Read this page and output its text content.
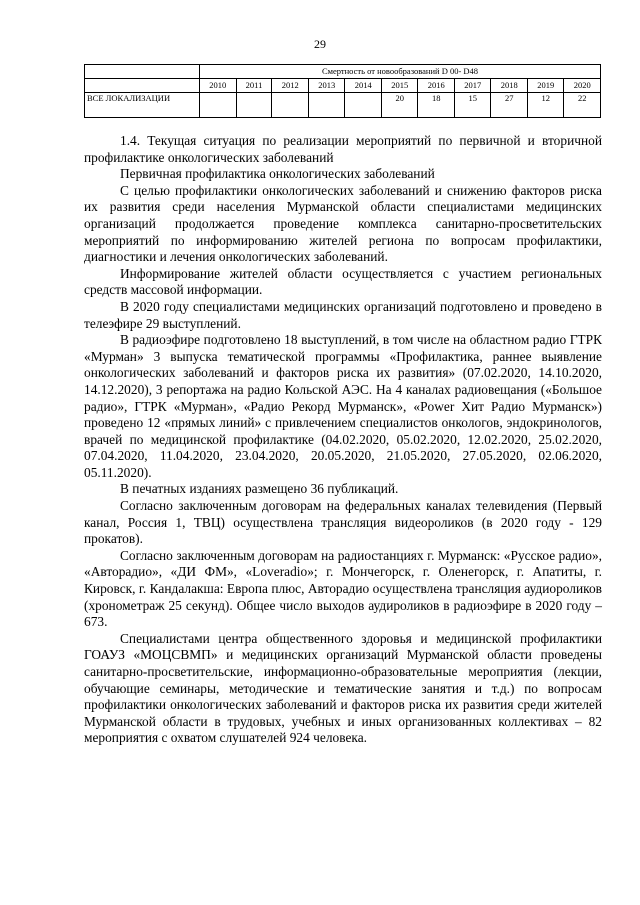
29
	Смертность от новообразований D 00- D48										
	2010	2011	2012	2013	2014	2015	2016	2017	2018	2019	2020
ВСЕ ЛОКАЛИЗАЦИИ						20	18	15	27	12	22

1.4. Текущая ситуация по реализации мероприятий по первичной и вторичной профилактике онкологических заболеваний

Первичная профилактика онкологических заболеваний

С целью профилактики онкологических заболеваний и снижению факторов риска их развития среди населения Мурманской области специалистами медицинских организаций продолжается проведение комплекса санитарно-просветительских мероприятий по информированию жителей региона по вопросам профилактики, диагностики и лечения онкологических заболеваний.

Информирование жителей области осуществляется с участием региональных средств массовой информации.

В 2020 году специалистами медицинских организаций подготовлено и проведено в телеэфире 29 выступлений.

В радиоэфире подготовлено 18 выступлений, в том числе на областном радио ГТРК «Мурман» 3 выпуска тематической программы «Профилактика, раннее выявление онкологических заболеваний и факторов риска их развития» (07.02.2020, 14.10.2020, 14.12.2020), 3 репортажа на радио Кольской АЭС. На 4 каналах радиовещания («Большое радио», ГТРК «Мурман», «Радио Рекорд Мурманск», «Power Хит Радио Мурманск») проведено 12 «прямых линий» с привлечением специалистов онкологов, эндокринологов, врачей по медицинской профилактике (04.02.2020, 05.02.2020, 12.02.2020, 25.02.2020, 07.04.2020, 11.04.2020, 23.04.2020, 20.05.2020, 21.05.2020, 27.05.2020, 02.06.2020, 05.11.2020).

В печатных изданиях размещено 36 публикаций.

Согласно заключенным договорам на федеральных каналах телевидения (Первый канал, Россия 1, ТВЦ) осуществлена трансляция видеороликов (в 2020 году - 129 прокатов).

Согласно заключенным договорам на радиостанциях г. Мурманск: «Русское радио», «Авторадио», «ДИ ФМ», «Loveradio»; г. Мончегорск, г. Оленегорск, г. Апатиты, г. Кировск, г. Кандалакша: Европа плюс, Авторадио осуществлена трансляция аудиороликов (хронометраж 25 секунд). Общее число выходов аудироликов в радиоэфире в 2020 году – 673.

Специалистами центра общественного здоровья и медицинской профилактики ГОАУЗ «МОЦСВМП» и медицинских организаций Мурманской области проведены санитарно-просветительские, информационно-образовательные мероприятия (лекции, обучающие семинары, методические и тематические занятия и т.д.) по вопросам профилактики онкологических заболеваний и факторов риска их развития среди жителей Мурманской области в трудовых, учебных и иных организованных коллективах – 82 мероприятия с охватом слушателей 924 человека.
